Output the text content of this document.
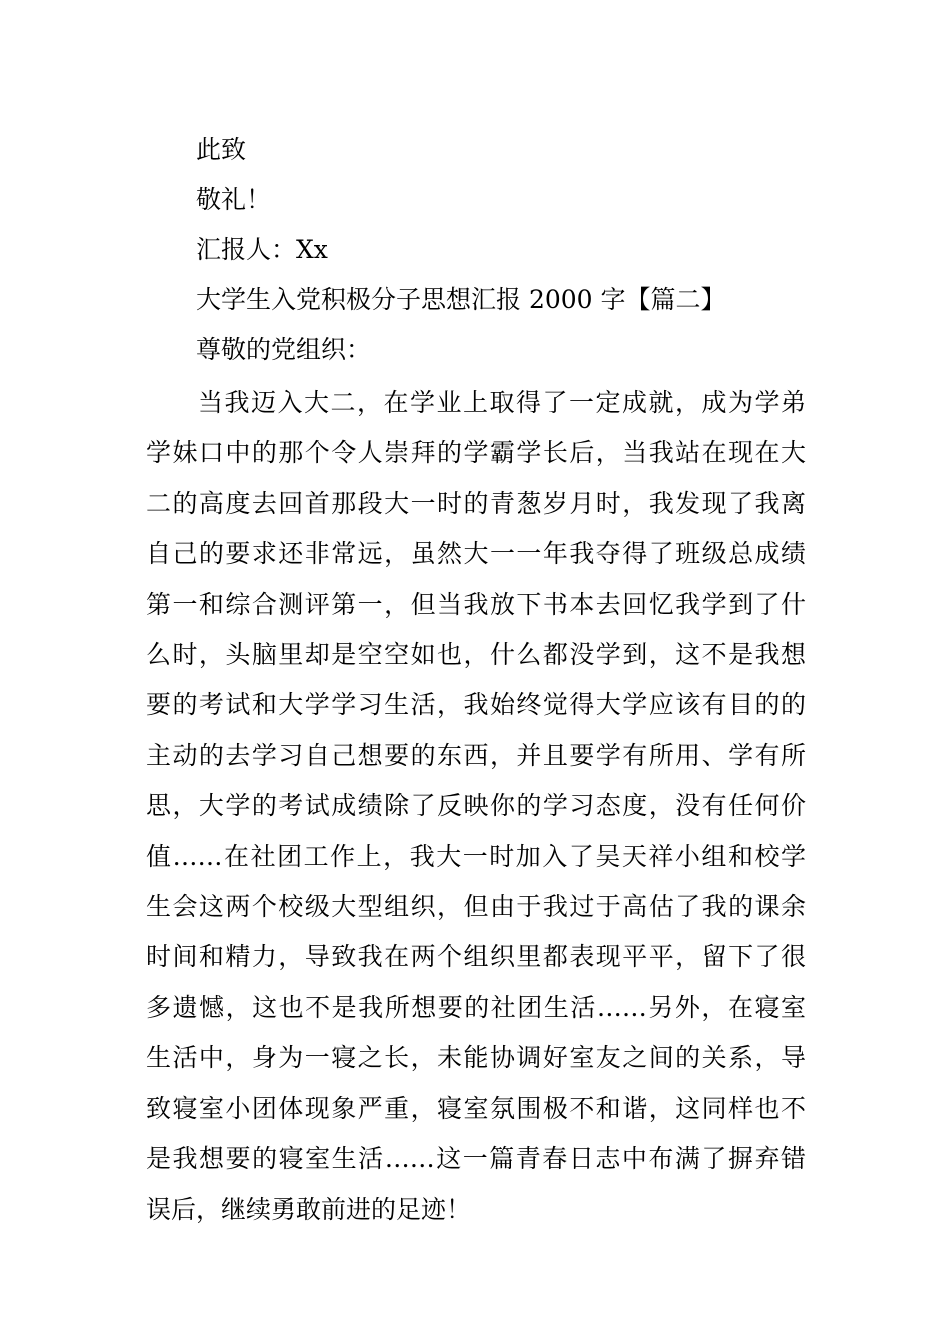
此致

敬礼！

汇报人：Xx

大学生入党积极分子思想汇报 2000 字【篇二】

尊敬的党组织：

当我迈入大二，在学业上取得了一定成就，成为学弟
学妹口中的那个令人崇拜的学霸学长后，当我站在现在大
二的高度去回首那段大一时的青葱岁月时，我发现了我离
自己的要求还非常远，虽然大一一年我夺得了班级总成绩
第一和综合测评第一，但当我放下书本去回忆我学到了什
么时，头脑里却是空空如也，什么都没学到，这不是我想
要的考试和大学学习生活，我始终觉得大学应该有目的的
主动的去学习自己想要的东西，并且要学有所用、学有所
思，大学的考试成绩除了反映你的学习态度，没有任何价
值……在社团工作上，我大一时加入了吴天祥小组和校学
生会这两个校级大型组织，但由于我过于高估了我的课余
时间和精力，导致我在两个组织里都表现平平，留下了很
多遗憾，这也不是我所想要的社团生活……另外，在寝室
生活中，身为一寝之长，未能协调好室友之间的关系，导
致寝室小团体现象严重，寝室氛围极不和谐，这同样也不
是我想要的寝室生活……这一篇青春日志中布满了摒弃错
误后，继续勇敢前进的足迹！
